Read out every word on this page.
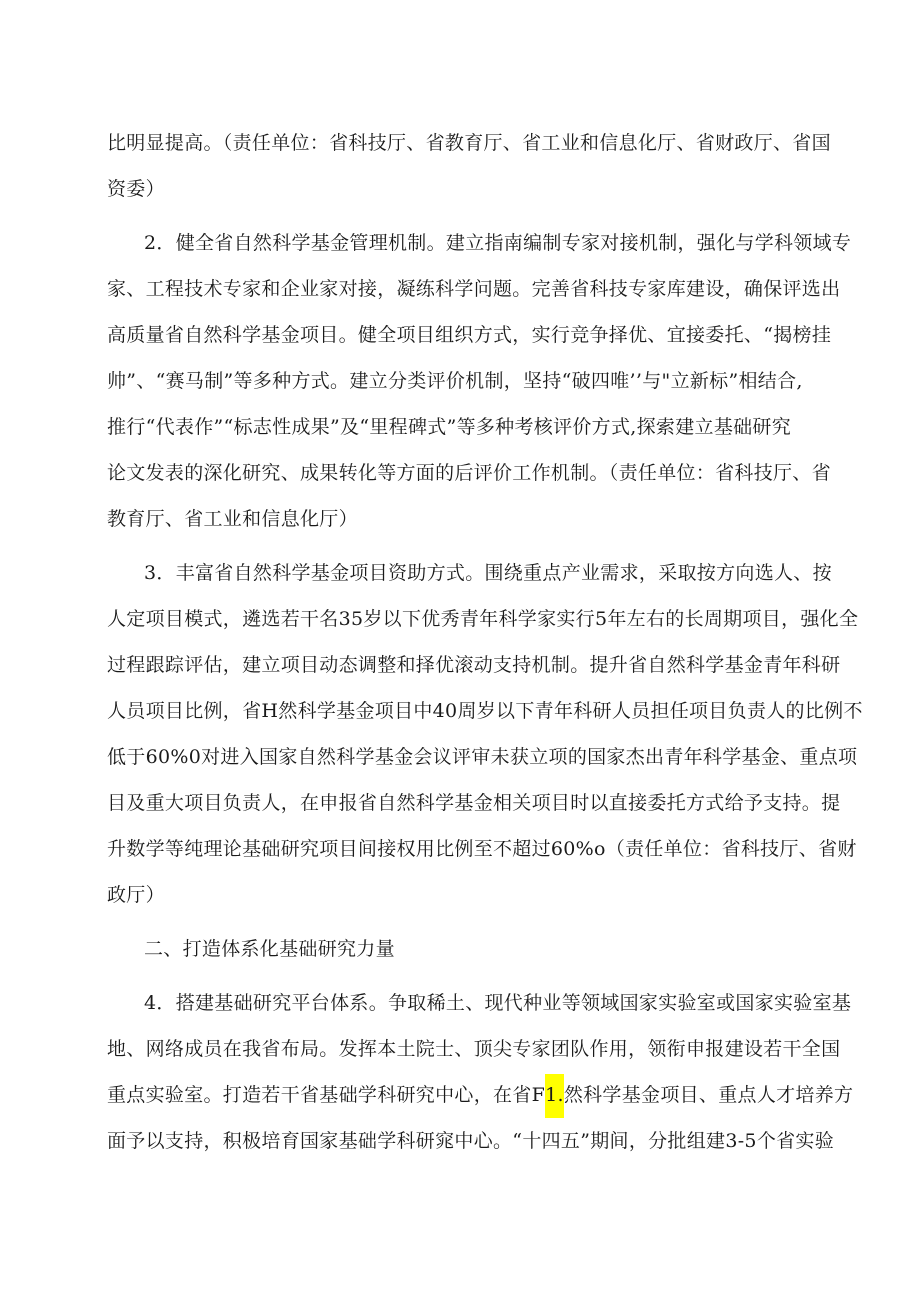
比明显提高。（责任单位：省科技厅、省教育厅、省工业和信息化厅、省财政厅、省国
资委）
2．健全省自然科学基金管理机制。建立指南编制专家对接机制，强化与学科领域专
家、工程技术专家和企业家对接，凝练科学问题。完善省科技专家库建设，确保评选出
高质量省自然科学基金项目。健全项目组织方式，实行竞争择优、宜接委托、“揭榜挂
帅”、“赛马制”等多种方式。建立分类评价机制，坚持“破四唯’’与"立新标”相结合,
推行“代表作”“标志性成果”及“里程碑式”等多种考核评价方式,探索建立基础研究
论文发表的深化研究、成果转化等方面的后评价工作机制。（责任单位：省科技厅、省
教育厅、省工业和信息化厅）
3．丰富省自然科学基金项目资助方式。围绕重点产业需求，采取按方向选人、按
人定项目模式，遴选若干名35岁以下优秀青年科学家实行5年左右的长周期项目，强化全
过程跟踪评估，建立项目动态调整和择优滚动支持机制。提升省自然科学基金青年科研
人员项目比例，省H然科学基金项目中40周岁以下青年科研人员担任项目负责人的比例不
低于60%0对进入国家自然科学基金会议评审未获立项的国家杰出青年科学基金、重点项
目及重大项目负责人，在申报省自然科学基金相关项目时以直接委托方式给予支持。提
升数学等纯理论基础研究项目间接权用比例至不超过60%o（责任单位：省科技厅、省财
政厅）
二、打造体系化基础研究力量
4．搭建基础研究平台体系。争取稀土、现代种业等领域国家实验室或国家实验室基
地、网络成员在我省布局。发挥本土院士、顶尖专家团队作用，领衔申报建设若干全国
重点实验室。打造若干省基础学科研究中心，在省F1.然科学基金项目、重点人才培养方
面予以支持，积极培育国家基础学科研窕中心。“十四五”期间，分批组建3-5个省实验
